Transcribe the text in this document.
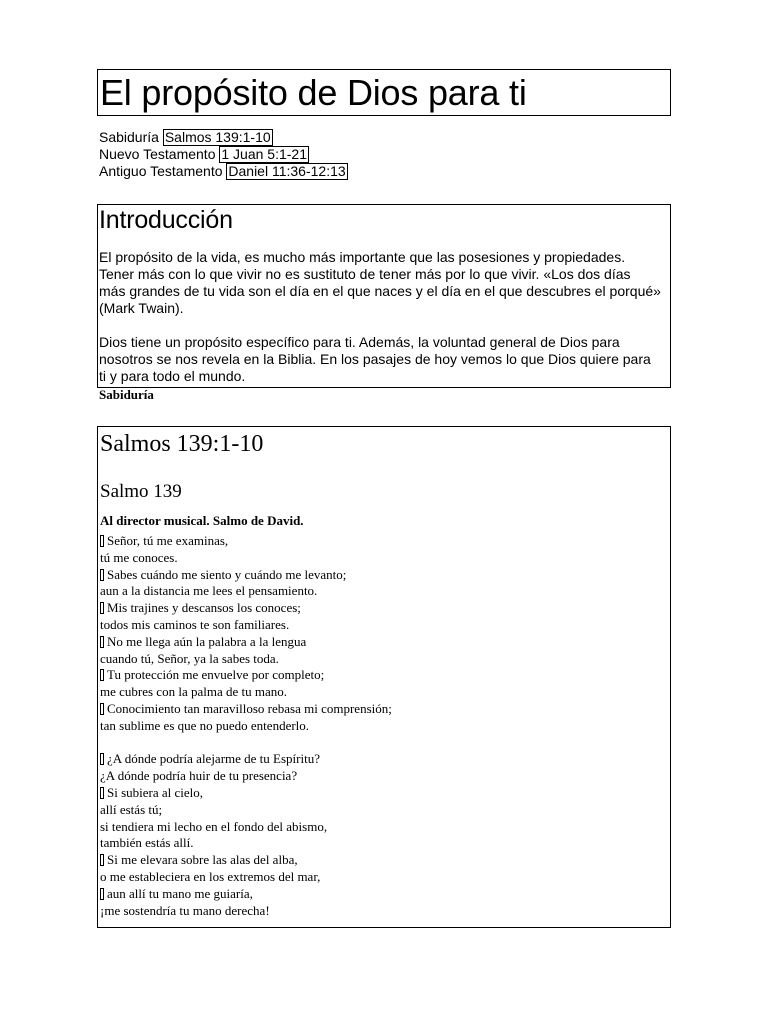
El propósito de Dios para ti
Sabiduría Salmos 139:1-10
Nuevo Testamento 1 Juan 5:1-21
Antiguo Testamento Daniel 11:36-12:13
Introducción

El propósito de la vida, es mucho más importante que las posesiones y propiedades.
Tener más con lo que vivir no es sustituto de tener más por lo que vivir. «Los dos días
más grandes de tu vida son el día en el que naces y el día en el que descubres el porqué»
(Mark Twain).

Dios tiene un propósito específico para ti. Además, la voluntad general de Dios para
nosotros se nos revela en la Biblia. En los pasajes de hoy vemos lo que Dios quiere para
ti y para todo el mundo.

Sabiduría
Salmos 139:1-10
Salmo 139
Al director musical. Salmo de David.
Señor, tú me examinas,
tú me conoces.
Sabes cuándo me siento y cuándo me levanto;
aun a la distancia me lees el pensamiento.
Mis trajines y descansos los conoces;
todos mis caminos te son familiares.
No me llega aún la palabra a la lengua
cuando tú, Señor, ya la sabes toda.
Tu protección me envuelve por completo;
me cubres con la palma de tu mano.
Conocimiento tan maravilloso rebasa mi comprensión;
tan sublime es que no puedo entenderlo.
¿A dónde podría alejarme de tu Espíritu?
¿A dónde podría huir de tu presencia?
Si subiera al cielo,
allí estás tú;
si tendiera mi lecho en el fondo del abismo,
también estás allí.
Si me elevara sobre las alas del alba,
o me estableciera en los extremos del mar,
aun allí tu mano me guiaría,
¡me sostendría tu mano derecha!
